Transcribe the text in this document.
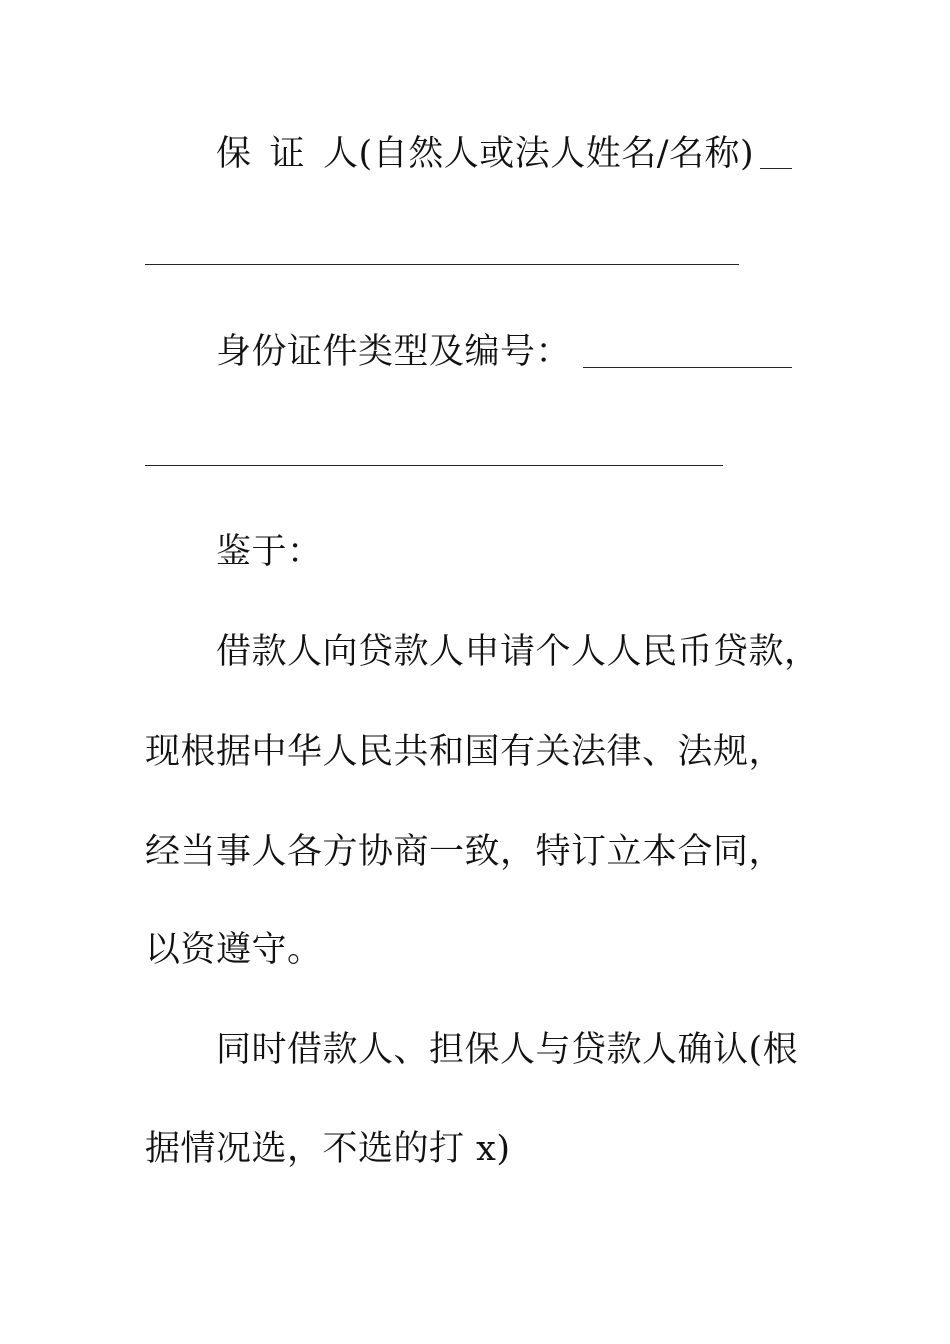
保 证 人(自然人或法人姓名/名称)
身份证件类型及编号：
鉴于：
借款人向贷款人申请个人人民币贷款，
现根据中华人民共和国有关法律、法规，
经当事人各方协商一致，特订立本合同，
以资遵守。
同时借款人、担保人与贷款人确认(根
据情况选，不选的打 x)
